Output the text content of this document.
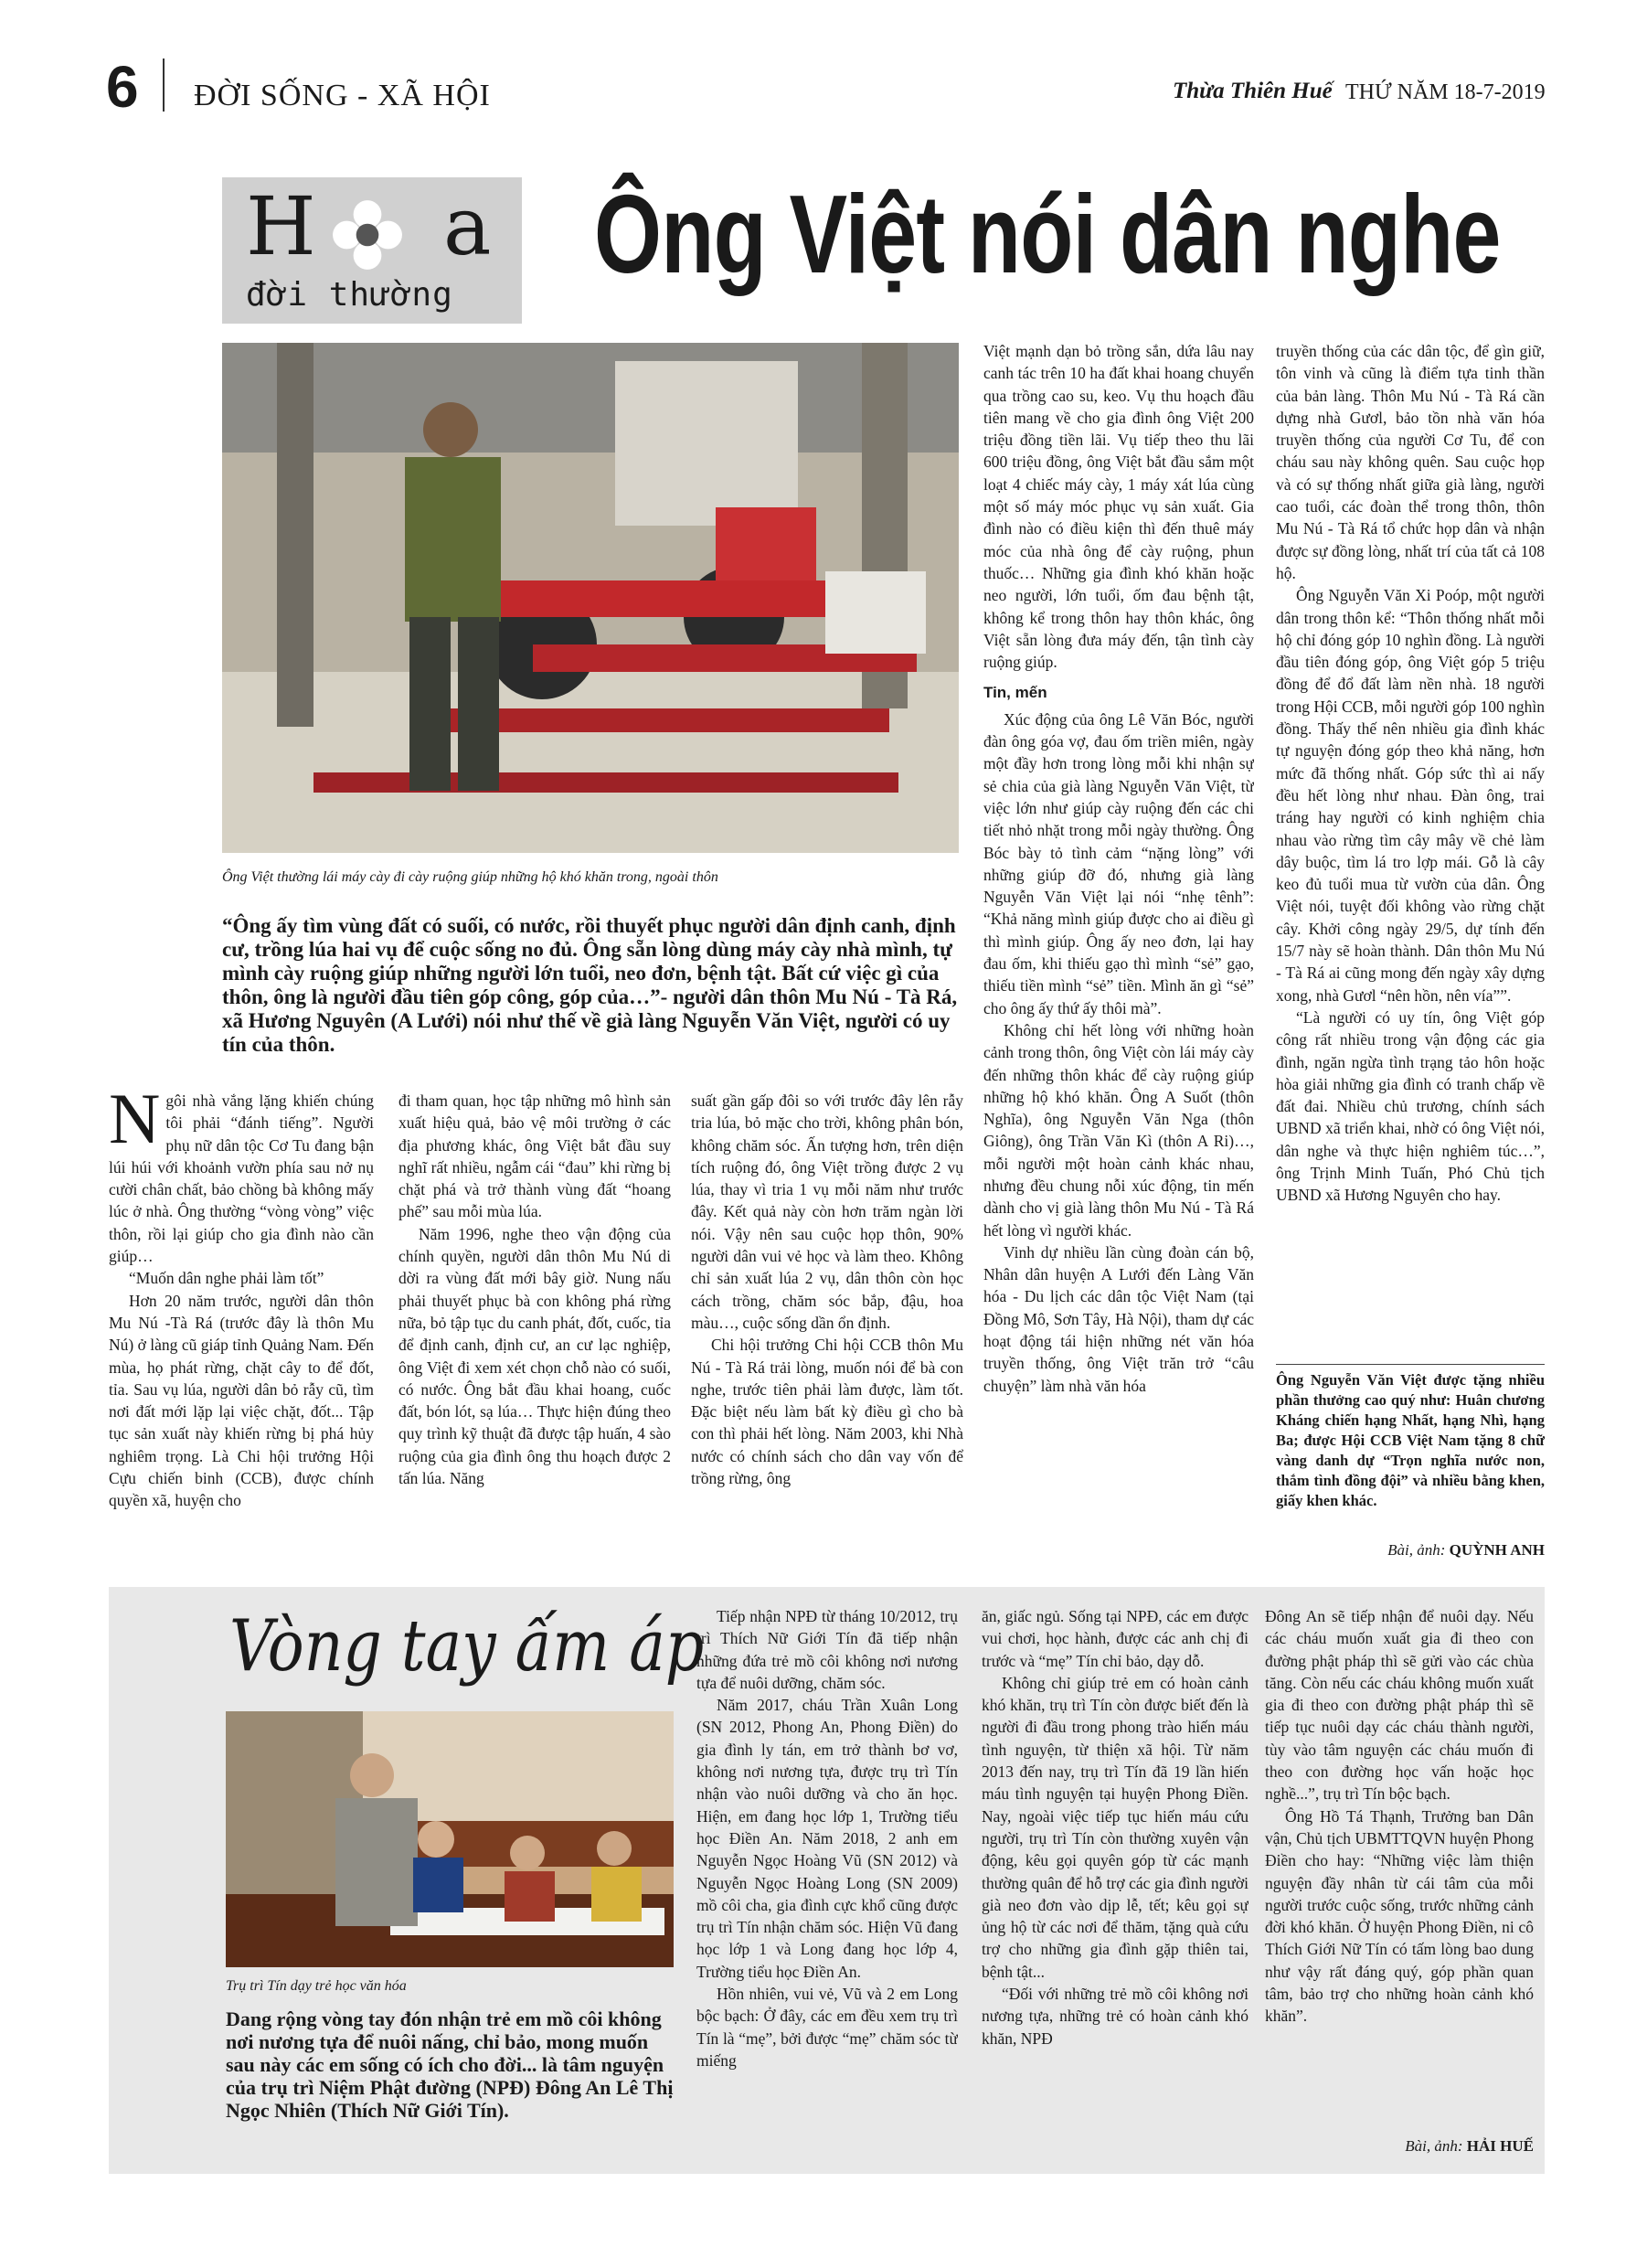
6 ĐỜI SỐNG - XÃ HỘI	Thừa Thiên Huế THỨ NĂM 18-7-2019
H a
đời thường Ông Việt nói dân nghe
Ông Việt thường lái máy cày đi cày ruộng giúp những hộ khó khăn trong, ngoài thôn
“Ông ấy tìm vùng đất có suối, có nước, rồi thuyết phục người dân định canh, định cư, trồng lúa hai vụ để cuộc sống no đủ. Ông sẵn lòng dùng máy cày nhà mình, tự mình cày ruộng giúp những người lớn tuổi, neo đơn, bệnh tật. Bất cứ việc gì của thôn, ông là người đầu tiên góp công, góp của…”- người dân thôn Mu Nú - Tà Rá, xã Hương Nguyên (A Lưới) nói như thế về già làng Nguyễn Văn Việt, người có uy tín của thôn.
N gôi nhà vắng lặng khiến chúng tôi phải “đánh tiếng”. Người phụ nữ dân tộc Cơ Tu đang bận lúi húi với khoảnh vườn phía sau nở nụ cười chân chất, bảo chồng bà không mấy lúc ở nhà. Ông thường “vòng vòng” việc thôn, rồi lại giúp cho gia đình nào cần giúp…

“Muốn dân nghe phải làm tốt”

Hơn 20 năm trước, người dân thôn Mu Nú -Tà Rá (trước đây là thôn Mu Nú) ở làng cũ giáp tỉnh Quảng Nam. Đến mùa, họ phát rừng, chặt cây to để đốt, tỉa. Sau vụ lúa, người dân bỏ rẫy cũ, tìm nơi đất mới lặp lại việc chặt, đốt... Tập tục sản xuất này khiến rừng bị phá hủy nghiêm trọng. Là Chi hội trưởng Hội Cựu chiến binh (CCB), được chính quyền xã, huyện cho

đi tham quan, học tập những mô hình sản xuất hiệu quả, bảo vệ môi trường ở các địa phương khác, ông Việt bắt đầu suy nghĩ rất nhiều, ngẫm cái “đau” khi rừng bị chặt phá và trở thành vùng đất “hoang phế” sau mỗi mùa lúa.

Năm 1996, nghe theo vận động của chính quyền, người dân thôn Mu Nú di dời ra vùng đất mới bây giờ. Nung nấu phải thuyết phục bà con không phá rừng nữa, bỏ tập tục du canh phát, đốt, cuốc, tỉa để định canh, định cư, an cư lạc nghiệp, ông Việt đi xem xét chọn chỗ nào có suối, có nước. Ông bắt đầu khai hoang, cuốc đất, bón lót, sạ lúa… Thực hiện đúng theo quy trình kỹ thuật đã được tập huấn, 4 sào ruộng của gia đình ông thu hoạch được 2 tấn lúa. Năng

suất gần gấp đôi so với trước đây lên rẫy tria lúa, bỏ mặc cho trời, không phân bón, không chăm sóc. Ấn tượng hơn, trên diện tích ruộng đó, ông Việt trồng được 2 vụ lúa, thay vì tria 1 vụ mỗi năm như trước đây. Kết quả này còn hơn trăm ngàn lời nói. Vậy nên sau cuộc họp thôn, 90% người dân vui vẻ học và làm theo. Không chỉ sản xuất lúa 2 vụ, dân thôn còn học cách trồng, chăm sóc bắp, đậu, hoa màu…, cuộc sống dần ổn định.

Chi hội trưởng Chi hội CCB thôn Mu Nú - Tà Rá trải lòng, muốn nói để bà con nghe, trước tiên phải làm được, làm tốt. Đặc biệt nếu làm bất kỳ điều gì cho bà con thì phải hết lòng. Năm 2003, khi Nhà nước có chính sách cho dân vay vốn để trồng rừng, ông

Việt mạnh dạn bỏ trồng sắn, dứa lâu nay canh tác trên 10 ha đất khai hoang chuyển qua trồng cao su, keo. Vụ thu hoạch đầu tiên mang về cho gia đình ông Việt 200 triệu đồng tiền lãi. Vụ tiếp theo thu lãi 600 triệu đồng, ông Việt bắt đầu sắm một loạt 4 chiếc máy cày, 1 máy xát lúa cùng một số máy móc phục vụ sản xuất. Gia đình nào có điều kiện thì đến thuê máy móc của nhà ông để cày ruộng, phun thuốc… Những gia đình khó khăn hoặc neo người, lớn tuổi, ốm đau bệnh tật, không kể trong thôn hay thôn khác, ông Việt sẵn lòng đưa máy đến, tận tình cày ruộng giúp.

Tin, mến

Xúc động của ông Lê Văn Bóc, người đàn ông góa vợ, đau ốm triền miên, ngày một đầy hơn trong lòng mỗi khi nhận sự sẻ chia của già làng Nguyễn Văn Việt, từ việc lớn như giúp cày ruộng đến các chi tiết nhỏ nhặt trong mỗi ngày thường. Ông Bóc bày tỏ tình cảm “nặng lòng” với những giúp đỡ đó, nhưng già làng Nguyễn Văn Việt lại nói “nhẹ tênh”: “Khả năng mình giúp được cho ai điều gì thì mình giúp. Ông ấy neo đơn, lại hay đau ốm, khi thiếu gạo thì mình “sẻ” gạo, thiếu tiền mình “sẻ” tiền. Mình ăn gì “sẻ” cho ông ấy thứ ấy thôi mà”.

Không chỉ hết lòng với những hoàn cảnh trong thôn, ông Việt còn lái máy cày đến những thôn khác để cày ruộng giúp những hộ khó khăn. Ông A Suốt (thôn Nghĩa), ông Nguyễn Văn Nga (thôn Giông), ông Trần Văn Kì (thôn A Ri)…, mỗi người một hoàn cảnh khác nhau, nhưng đều chung nỗi xúc động, tin mến dành cho vị già làng thôn Mu Nú - Tà Rá hết lòng vì người khác.

Vinh dự nhiều lần cùng đoàn cán bộ, Nhân dân huyện A Lưới đến Làng Văn hóa - Du lịch các dân tộc Việt Nam (tại Đồng Mô, Sơn Tây, Hà Nội), tham dự các hoạt động tái hiện những nét văn hóa truyền thống, ông Việt trăn trở “câu chuyện” làm nhà văn hóa

truyền thống của các dân tộc, để gìn giữ, tôn vinh và cũng là điểm tựa tinh thần của bản làng. Thôn Mu Nú - Tà Rá cần dựng nhà Gươl, bảo tồn nhà văn hóa truyền thống của người Cơ Tu, để con cháu sau này không quên. Sau cuộc họp và có sự thống nhất giữa già làng, người cao tuổi, các đoàn thể trong thôn, thôn Mu Nú - Tà Rá tổ chức họp dân và nhận được sự đồng lòng, nhất trí của tất cả 108 hộ.

Ông Nguyễn Văn Xi Poóp, một người dân trong thôn kể: “Thôn thống nhất mỗi hộ chỉ đóng góp 10 nghìn đồng. Là người đầu tiên đóng góp, ông Việt góp 5 triệu đồng để đổ đất làm nền nhà. 18 người trong Hội CCB, mỗi người góp 100 nghìn đồng. Thấy thế nên nhiều gia đình khác tự nguyện đóng góp theo khả năng, hơn mức đã thống nhất. Góp sức thì ai nấy đều hết lòng như nhau. Đàn ông, trai tráng hay người có kinh nghiệm chia nhau vào rừng tìm cây mây về chẻ làm dây buộc, tìm lá tro lợp mái. Gỗ là cây keo đủ tuổi mua từ vườn của dân. Ông Việt nói, tuyệt đối không vào rừng chặt cây. Khởi công ngày 29/5, dự tính đến 15/7 này sẽ hoàn thành. Dân thôn Mu Nú - Tà Rá ai cũng mong đến ngày xây dựng xong, nhà Gươl “nên hồn, nên vía””.

“Là người có uy tín, ông Việt góp công rất nhiều trong vận động các gia đình, ngăn ngừa tình trạng tảo hôn hoặc hòa giải những gia đình có tranh chấp về đất đai. Nhiều chủ trương, chính sách UBND xã triển khai, nhờ có ông Việt nói, dân nghe và thực hiện nghiêm túc…”, ông Trịnh Minh Tuấn, Phó Chủ tịch UBND xã Hương Nguyên cho hay.

Ông Nguyễn Văn Việt được tặng nhiều phần thưởng cao quý như: Huân chương Kháng chiến hạng Nhất, hạng Nhì, hạng Ba; được Hội CCB Việt Nam tặng 8 chữ vàng danh dự “Trọn nghĩa nước non, thắm tình đồng đội” và nhiều bằng khen, giấy khen khác.
Bài, ảnh: QUỲNH ANH
Vòng tay ấm áp
Trụ trì Tín dạy trẻ học văn hóa
Dang rộng vòng tay đón nhận trẻ em mồ côi không nơi nương tựa để nuôi nấng, chỉ bảo, mong muốn sau này các em sống có ích cho đời... là tâm nguyện của trụ trì Niệm Phật đường (NPĐ) Đông An Lê Thị Ngọc Nhiên (Thích Nữ Giới Tín).

Tiếp nhận NPĐ từ tháng 10/2012, trụ trì Thích Nữ Giới Tín đã tiếp nhận những đứa trẻ mồ côi không nơi nương tựa để nuôi dưỡng, chăm sóc.

Năm 2017, cháu Trần Xuân Long (SN 2012, Phong An, Phong Điền) do gia đình ly tán, em trở thành bơ vơ, không nơi nương tựa, được trụ trì Tín nhận vào nuôi dưỡng và cho ăn học. Hiện, em đang học lớp 1, Trường tiểu học Điền An. Năm 2018, 2 anh em Nguyễn Ngọc Hoàng Vũ (SN 2012) và Nguyễn Ngọc Hoàng Long (SN 2009) mồ côi cha, gia đình cực khổ cũng được trụ trì Tín nhận chăm sóc. Hiện Vũ đang học lớp 1 và Long đang học lớp 4, Trường tiểu học Điền An.

Hồn nhiên, vui vẻ, Vũ và 2 em Long bộc bạch: Ở đây, các em đều xem trụ trì Tín là “mẹ”, bởi được “mẹ” chăm sóc từ miếng

ăn, giấc ngủ. Sống tại NPĐ, các em được vui chơi, học hành, được các anh chị đi trước và “mẹ” Tín chỉ bảo, dạy dỗ.

Không chỉ giúp trẻ em có hoàn cảnh khó khăn, trụ trì Tín còn được biết đến là người đi đầu trong phong trào hiến máu tình nguyện, từ thiện xã hội. Từ năm 2013 đến nay, trụ trì Tín đã 19 lần hiến máu tình nguyện tại huyện Phong Điền. Nay, ngoài việc tiếp tục hiến máu cứu người, trụ trì Tín còn thường xuyên vận động, kêu gọi quyên góp từ các mạnh thường quân để hỗ trợ các gia đình người già neo đơn vào dịp lễ, tết; kêu gọi sự ủng hộ từ các nơi để thăm, tặng quà cứu trợ cho những gia đình gặp thiên tai, bệnh tật...

“Đối với những trẻ mồ côi không nơi nương tựa, những trẻ có hoàn cảnh khó khăn, NPĐ

Đông An sẽ tiếp nhận để nuôi dạy. Nếu các cháu muốn xuất gia đi theo con đường phật pháp thì sẽ gửi vào các chùa tăng. Còn nếu các cháu không muốn xuất gia đi theo con đường phật pháp thì sẽ tiếp tục nuôi dạy các cháu thành người, tùy vào tâm nguyện các cháu muốn đi theo con đường học vấn hoặc học nghề...”, trụ trì Tín bộc bạch.

Ông Hồ Tá Thạnh, Trưởng ban Dân vận, Chủ tịch UBMTTQVN huyện Phong Điền cho hay: “Những việc làm thiện nguyện đầy nhân từ cái tâm của mỗi người trước cuộc sống, trước những cảnh đời khó khăn. Ở huyện Phong Điền, ni cô Thích Giới Nữ Tín có tấm lòng bao dung như vậy rất đáng quý, góp phần quan tâm, bảo trợ cho những hoàn cảnh khó khăn”.

Bài, ảnh: HẢI HUẾ
